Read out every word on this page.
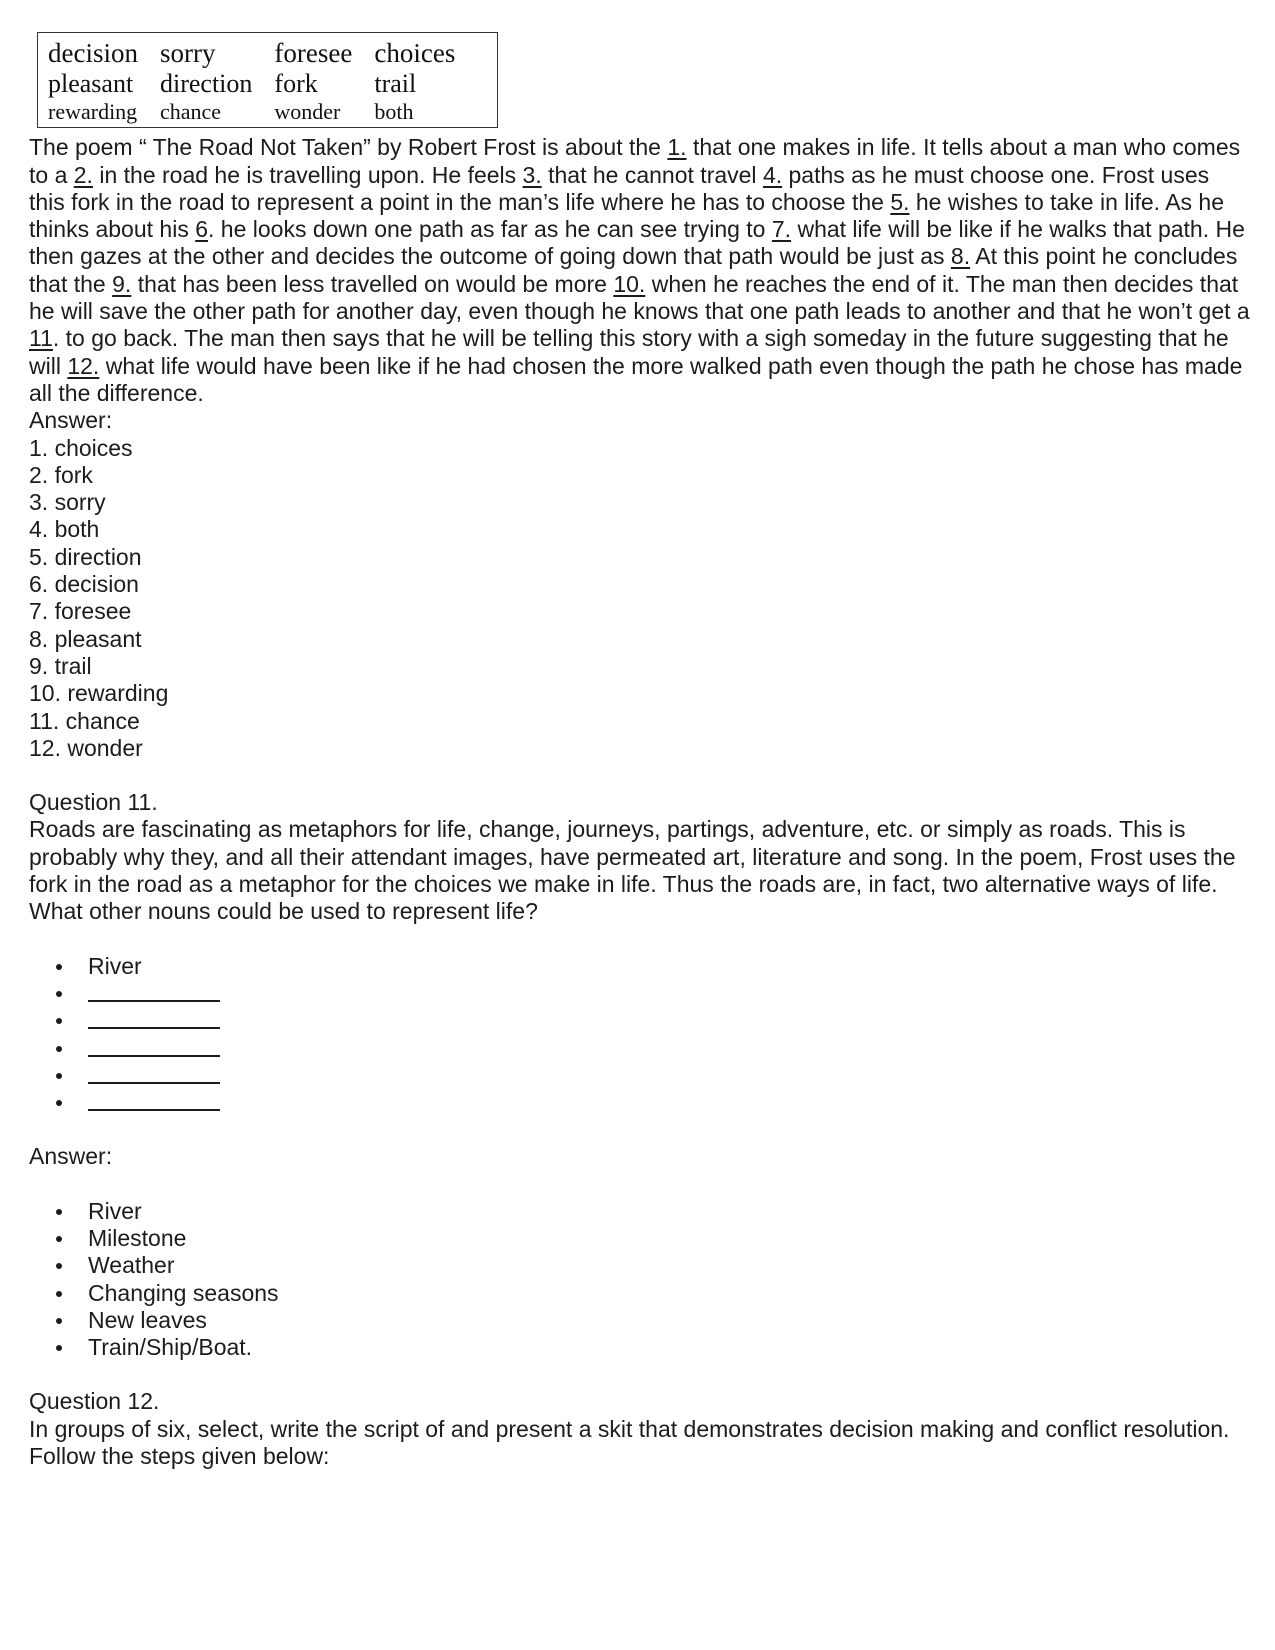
decision	sorry	foresee	choices
pleasant	direction	fork	trail
rewarding	chance	wonder	both

The poem “ The Road Not Taken” by Robert Frost is about the 1. that one makes in life. It tells about a man who comes to a 2. in the road he is travelling upon. He feels 3. that he cannot travel 4. paths as he must choose one. Frost uses this fork in the road to represent a point in the man’s life where he has to choose the 5. he wishes to take in life. As he thinks about his 6. he looks down one path as far as he can see trying to 7. what life will be like if he walks that path. He then gazes at the other and decides the outcome of going down that path would be just as 8. At this point he concludes that the 9. that has been less travelled on would be more 10. when he reaches the end of it. The man then decides that he will save the other path for another day, even though he knows that one path leads to another and that he won’t get a 11. to go back. The man then says that he will be telling this story with a sigh someday in the future suggesting that he will 12. what life would have been like if he had chosen the more walked path even though the path he chose has made all the difference.

Answer:
1. choices
2. fork
3. sorry
4. both
5. direction
6. decision
7. foresee
8. pleasant
9. trail
10. rewarding
11. chance
12. wonder
Question 11.

Roads are fascinating as metaphors for life, change, journeys, partings, adventure, etc. or simply as roads. This is probably why they, and all their attendant images, have permeated art, literature and song. In the poem, Frost uses the fork in the road as a metaphor for the choices we make in life. Thus the roads are, in fact, two alternative ways of life. What other nouns could be used to represent life?

River
Answer:
River
Milestone
Weather
Changing seasons
New leaves
Train/Ship/Boat.
Question 12.

In groups of six, select, write the script of and present a skit that demonstrates decision making and conflict resolution. Follow the steps given below:
